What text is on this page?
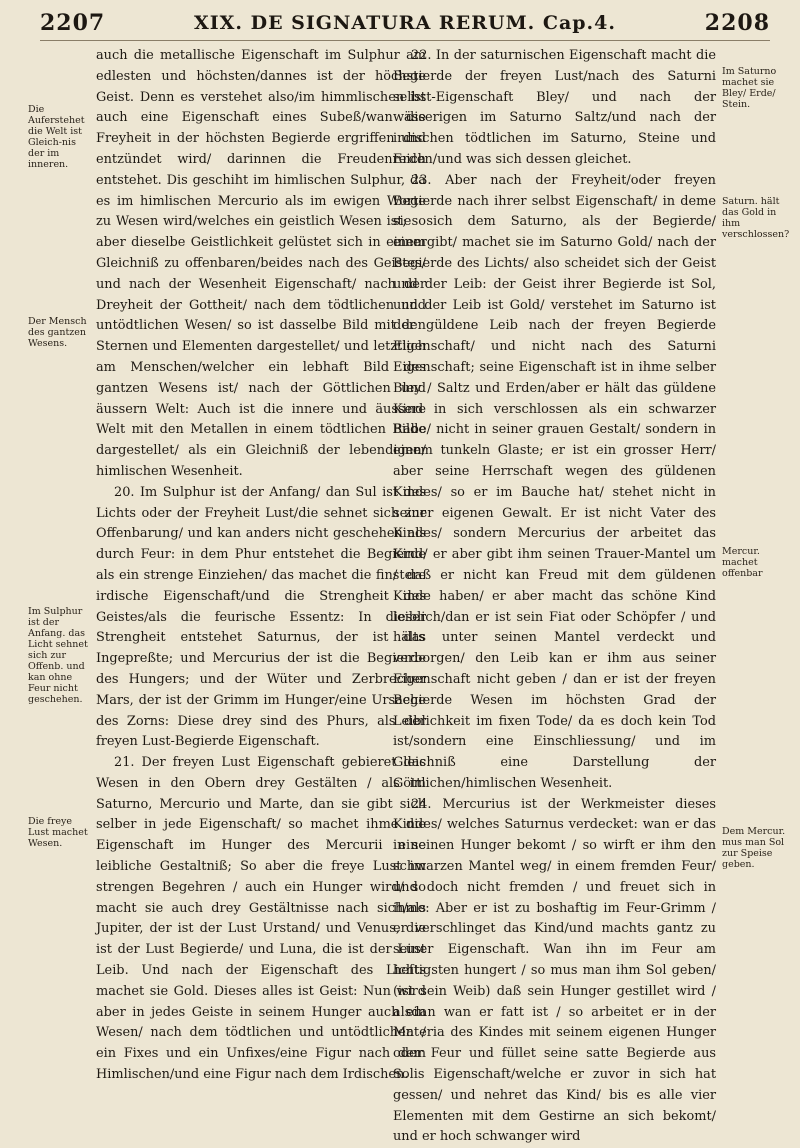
2207	XIX. DE SIGNATURA RERUM. Cap.4.	2208
Die Auferstehet die Welt ist Gleich-nis der im inneren.
Der Mensch des gantzen Wesens.
Im Sulphur ist der Anfang. das Licht sehnet sich zur Offenb. und kan ohne Feur nicht geschehen.
Die freye Lust machet Wesen.

auch die metallische Eigenschaft im Sulphur am edlesten und höchsten/dannes ist der höchste Geist. Denn es verstehet also/im himmlischen ist auch eine Eigenschaft eines Subeß/wan die Freyheit in der höchsten Begierde ergriffen und entzündet wird/ darinnen die Freudenreich entstehet. Dis geschiht im himlischen Sulphur, da es im himlischen Mercurio als im ewigen Worte zu Wesen wird/welches ein geistlich Wesen ist; so aber dieselbe Geistlichkeit gelüstet sich in einem Gleichniß zu offenbaren/beides nach des Geistes/ und nach der Wesenheit Eigenschaft/ nach der Dreyheit der Gottheit/ nach dem tödtlichen und untödtlichen Wesen/ so ist dasselbe Bild mit den Sternen und Elementen dargestellet/ und letztlich am Menschen/welcher ein lebhaft Bild des gantzen Wesens ist/ nach der Göttlichen und äussern Welt: Auch ist die innere und äussere Welt mit den Metallen in einem tödtlichen Bilde dargestellet/ als ein Gleichniß der lebendigen/ himlischen Wesenheit.

20. Im Sulphur ist der Anfang/ dan Sul ist des Lichts oder der Freyheit Lust/die sehnet sich zur Offenbarung/ und kan anders nicht geschehen als durch Feur: in dem Phur entstehet die Begierde als ein strenge Einziehen/ das machet die finstere irdische Eigenschaft/und die Strengheit des Geistes/als die feurische Essentz: In dieser Strengheit entstehet Saturnus, der ist das Ingepreßte; und Mercurius der ist die Begierde des Hungers; und der Wüter und Zerbrecher Mars, der ist der Grimm im Hunger/eine Ursache des Zorns: Diese drey sind des Phurs, als der freyen Lust-Begierde Eigenschaft.

21. Der freyen Lust Eigenschaft gebieret das Wesen in den Obern drey Gestälten / als im Saturno, Mercurio und Marte, dan sie gibt sich selber in jede Eigenschaft/ so machet ihme die Eigenschaft im Hunger des Mercurii eine leibliche Gestaltniß; So aber die freye Lust im strengen Begehren / auch ein Hunger wird/ so macht sie auch drey Gestältnisse nach sich/als Jupiter, der ist der Lust Urstand/ und Venus, die ist der Lust Begierde/ und Luna, die ist der Lust Leib. Und nach der Eigenschaft des Lichts machet sie Gold. Dieses alles ist Geist: Nun wird aber in jedes Geiste in seinem Hunger auch ein Wesen/ nach dem tödtlichen und untödtlichen / ein Fixes und ein Unfixes/eine Figur nach dem Himlischen/und eine Figur nach dem Irdischen.

22. In der saturnischen Eigenschaft macht die Begierde der freyen Lust/nach des Saturni selbst-Eigenschaft Bley/ und nach der wässerigen im Saturno Saltz/und nach der irdischen tödtlichen im Saturno, Steine und Erden/und was sich dessen gleichet.

23. Aber nach der Freyheit/oder freyen Begierde nach ihrer selbst Eigenschaft/ in deme sie sich dem Saturno, als der Begierde/ einergibt/ machet sie im Saturno Gold/ nach der Begierde des Lichts/ also scheidet sich der Geist und der Leib: der Geist ihrer Begierde ist Sol, und der Leib ist Gold/ verstehet im Saturno ist der güldene Leib nach der freyen Begierde Eigenschaft/ und nicht nach des Saturni Eigenschaft; seine Eigenschaft ist in ihme selber Bley / Saltz und Erden/aber er hält das güldene Kind in sich verschlossen als ein schwarzer Rabe/ nicht in seiner grauen Gestalt/ sondern in einem tunkeln Glaste; er ist ein grosser Herr/ aber seine Herrschaft wegen des güldenen Kindes/ so er im Bauche hat/ stehet nicht in seiner eigenen Gewalt. Er ist nicht Vater des Kindes/ sondern Mercurius der arbeitet das Kind/ er aber gibt ihm seinen Trauer-Mantel um / daß er nicht kan Freud mit dem güldenen Kinde haben/ er aber macht das schöne Kind leiblich/dan er ist sein Fiat oder Schöpfer / und hälts unter seinen Mantel verdeckt und verborgen/ den Leib kan er ihm aus seiner Eigenschaft nicht geben / dan er ist der freyen Begierde Wesen im höchsten Grad der Leiblichkeit im fixen Tode/ da es doch kein Tod ist/sondern eine Einschliessung/ und im Gleichniß eine Darstellung der Göttlichen/himlischen Wesenheit.

24. Mercurius ist der Werkmeister dieses Kindes/ welches Saturnus verdecket: wan er das in seinen Hunger bekomt / so wirft er ihm den schwarzen Mantel weg/ in einem fremden Feur/ und doch nicht fremden / und freuet sich in ihme: Aber er ist zu boshaftig im Feur-Grimm / er verschlinget das Kind/und machts gantz zu seiner Eigenschaft. Wan ihn im Feur am heftigsten hungert / so mus man ihm Sol geben/ (ist sein Weib) daß sein Hunger gestillet wird / alsdan wan er fatt ist / so arbeitet er in der Materia des Kindes mit seinem eigenen Hunger oder Feur und füllet seine satte Begierde aus Solis Eigenschaft/welche er zuvor in sich hat gessen/ und nehret das Kind/ bis es alle vier Elementen mit dem Gestirne an sich bekomt/ und er hoch schwanger wird

Im Saturno machet sie Bley/ Erde/ Stein.
Saturn. hält das Gold in ihm verschlossen?
Mercur. machet offenbar
Dem Mercur. mus man Sol zur Speise geben.
